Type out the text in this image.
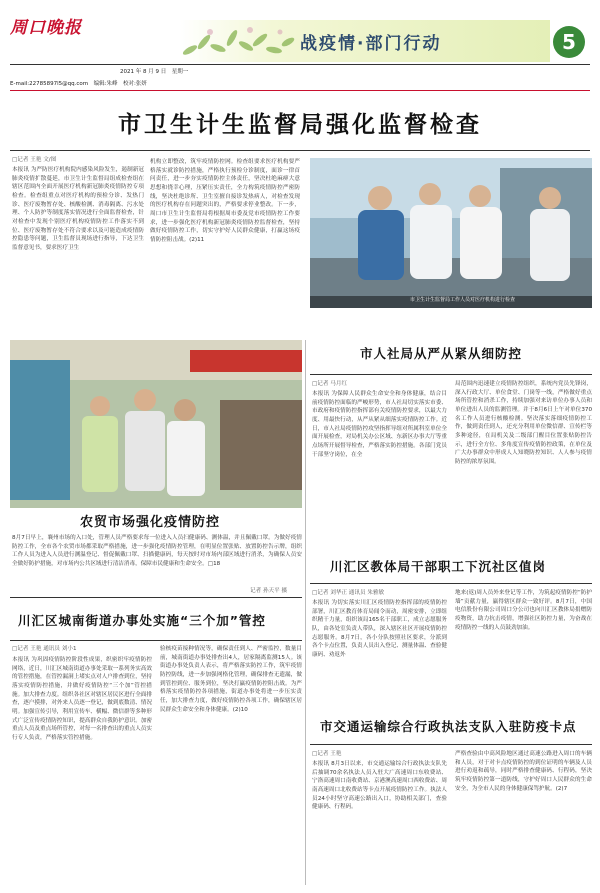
周口晚报
战疫情·部门行动	5
2021 年 8 月 9 日　星期一
E-mail:22785897l5@qq.com　编辑:朱峰　校对:张妍
市卫生计生监督局强化监督检查
□记者 王艳 文/图
本报讯 为严防医疗机构院内感染风险发生，遏制新冠肺炎疫情扩散蔓延，市卫生计生监督局组成检查组在辖区范围内全面开展医疗机构新冠肺炎疫情防控专项检查。检查组重点对医疗机构的预检分诊、发热门诊、医疗废物暂存处、核酸检测、消毒隔离、污水处理、个人防护等制度落实情况进行全面监督检查，针对检查中发现个别医疗机构疫情防控工作落实不到位、医疗废物暂存处不符合要求以及可能造成疫情防控隐患等问题，卫生监督员现场进行指导，下达卫生监督意见书，要求医疗卫生
机构立即整改，筑牢疫情防控网。检查组要求医疗机构要严格落实就诊防控措施，严格执行预检分诊制度，面诊一律首问责任，进一步夯实疫情防控主体责任，坚决杜绝麻痹大意思想和侥幸心理，压紧压实责任，全力构筑疫情防控严密防线，坚决杜绝诊所、卫生室擅自接诊发热病人，对检查发现的医疗机构存在问题突出的，严格要求停业整改。下一步，周口市卫生计生监督局将根据周市委及党市疫情防控工作要求，进一步强化医疗机构新冠肺炎疫情防控监督检查，坚持做好疫情防控工作，切实守护好人民群众健康，打赢这场疫情防控阻击战。(2)11
市卫生计生监督局工作人员对医疗机构进行检查
农贸市场强化疫情防控
8月7日早上，襄州市场的入口处，管理人员严格要求每一位进入人员扫健康码、测体温，并且佩戴口罩。为做好疫情防控工作，全市各个农贸市场都采取严格措施，进一步强化疫情防控管理，在明显位置张贴、放置防控告示牌，组织工作人员为进入人员进行测温登记、督促佩戴口罩、扫描健康码，每天按时对市场内部区域进行消杀，为确保人员安全做好防护措施，对市场内公共区域进行清洁消毒，保障市民健康和生命安全。□18
记者 孙天平 摄
市人社局从严从紧从细防控
□记者 马月红
本报讯 为保障人民群众生命安全和身体健康，结合目前疫情防控面临的严峻形势，市人社局切实落实市委、市政府和疫情防控指挥部有关疫情防控要求，以最大力度、用最快行动，从严从紧从细落实疫情防控工作。近日，市人社局疫情防控攻坚指挥导组对所属科室单位全面开展检查，对局机关办公区域、东新区办事大厅等重点场所开展督导检查，严格落实防控措施。各部门党员干部坚守岗位，在全
局范围内迅速建立疫情防控组织，系统内党员先锋岗，深入行政大厅、单位食堂、门岗等一线，严格做好重点场所管控和消杀工作，持续加强对来访单位办事人员和单位进出人员的监测管理。并于8月6日上午对单位370名工作人员进行核酸检测。坚决落实落细疫情防控工作，做到责任到人，还充分利用单位微信群、宣传栏等多种途径，在局机关及二级部门醒目位置张贴防控告示，进行全方位、多角度宣传疫情防控政策，在单位及广大办事群众中形成人人知晓防控知识、人人参与疫情防控的浓厚氛围。
川汇区教体局干部职工下沉社区值岗
□记者 刘华正 通讯员 朱雅敏
本报讯 为切实落实川汇区疫情防控指挥部的疫情防控部署，川汇区教育体育局闻令而动，周密安排，立即组织精干力量，组织该局165名干部职工，成立志愿服务队，由各处室负责人带队，深入辖区社区开展疫情防控志愿服务。8月7日，各小分队按照社区要求，分派到各个卡点位置，负责人员出入登记、测量体温、查验健康码、劝返外
地来(返)周人员外来登记等工作，为筑起疫情防控“防护墙”贡献力量，赢得辖区群众一致好评。8月7日，中国电信股份有限公司周口分公司也向川汇区教体局捐赠防疫物资，助力抗击疫情，增强社区防控力量，为奋战在疫情防控一线的人员鼓劲加油。
川汇区城南街道办事处实施“三个加”管控
□记者 王艳 通讯员 刘小1
本报讯 为巩固疫情防控阶段性成果，织密织牢疫情防控网络，近日，川汇区城南街道办事处采取一系列务实高效的管控措施，在管控漏洞上堵实点对人户排查到位，坚持落实疫情防控措施，并做好疫情防控“三个加”管控措施。加大排查力度。组织各社区对辖区居民区进行全面排查，逐户摸排，对外来人员逐一登记，做到底数清、情况明。加强宣传引导，利用宣传车、横幅、微信群等多种形式广泛宣传疫情防控知识，提高群众自我防护意识。加密重点人员及重点场所管控，对每一名排查出的重点人员实行专人负责，严格落实管控措施。
验核疫苗接种情况等，确保责任到人、严密监控，数量目前，城南街道办事处排查出4人，居家隔离监测15人。该街道办事处负责人表示，将严格落实防控工作，筑牢疫情防控防线，进一步加强网格化管理，确保排查无遗漏，做到管控到位、服务到位，坚决打赢疫情防控阻击战。为严格落实疫情防控各项措施，街道办事处将进一步压实责任，加大排查力度，做好疫情防控各项工作，确保辖区居民群众生命安全和身体健康。(2)10
市交通运输综合行政执法支队入驻防疫卡点
□记者 王艳
本报讯 8月3日以来，市交通运输综合行政执法支队先后抽调70余名执法人员入驻大广高速周口东收费站、宁洛高速周口南收费站、京港澳高速周口西收费站、周南高速周口北收费站等卡点开展疫情防控工作。执法人员24小时坚守高速公路出入口，协助相关部门，查验健康码、行程码。
严格查验由中高风险地区通过高速公路进入周口的车辆和人员，对于对卡点疫情防控的到位证明的车辆及人员进行劝返和疏导，同时严格排查健康码、行程码，坚决筑牢疫情防控第一道防线，守护好周口人民群众的生命安全，为全市人民的身体健康保驾护航。(2)7
